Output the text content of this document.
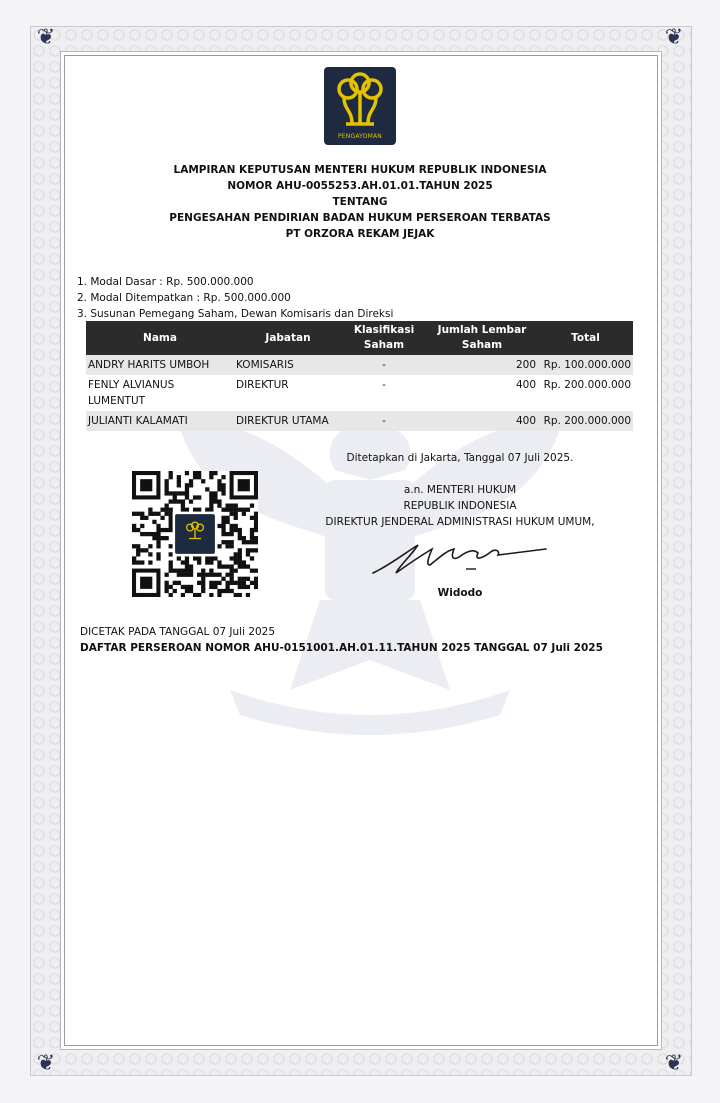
❦	❦
❦	❦
PENGAYOMAN
LAMPIRAN KEPUTUSAN MENTERI HUKUM REPUBLIK INDONESIA
NOMOR AHU-0055253.AH.01.01.TAHUN 2025
TENTANG
PENGESAHAN PENDIRIAN BADAN HUKUM PERSEROAN TERBATAS
PT ORZORA REKAM JEJAK
1. Modal Dasar : Rp. 500.000.000
2. Modal Ditempatkan : Rp. 500.000.000
3. Susunan Pemegang Saham, Dewan Komisaris dan Direksi
Nama	Jabatan	Klasifikasi Saham	Jumlah Lembar Saham	Total
ANDRY HARITS UMBOH	KOMISARIS	-	200	Rp. 100.000.000
FENLY ALVIANUS LUMENTUT	DIREKTUR	-	400	Rp. 200.000.000
JULIANTI KALAMATI	DIREKTUR UTAMA	-	400	Rp. 200.000.000
Ditetapkan di Jakarta, Tanggal 07 Juli 2025.
a.n. MENTERI HUKUM
REPUBLIK INDONESIA
DIREKTUR JENDERAL ADMINISTRASI HUKUM UMUM,
Widodo
DICETAK PADA TANGGAL 07 Juli 2025
DAFTAR PERSEROAN NOMOR AHU-0151001.AH.01.11.TAHUN 2025 TANGGAL 07 Juli 2025
